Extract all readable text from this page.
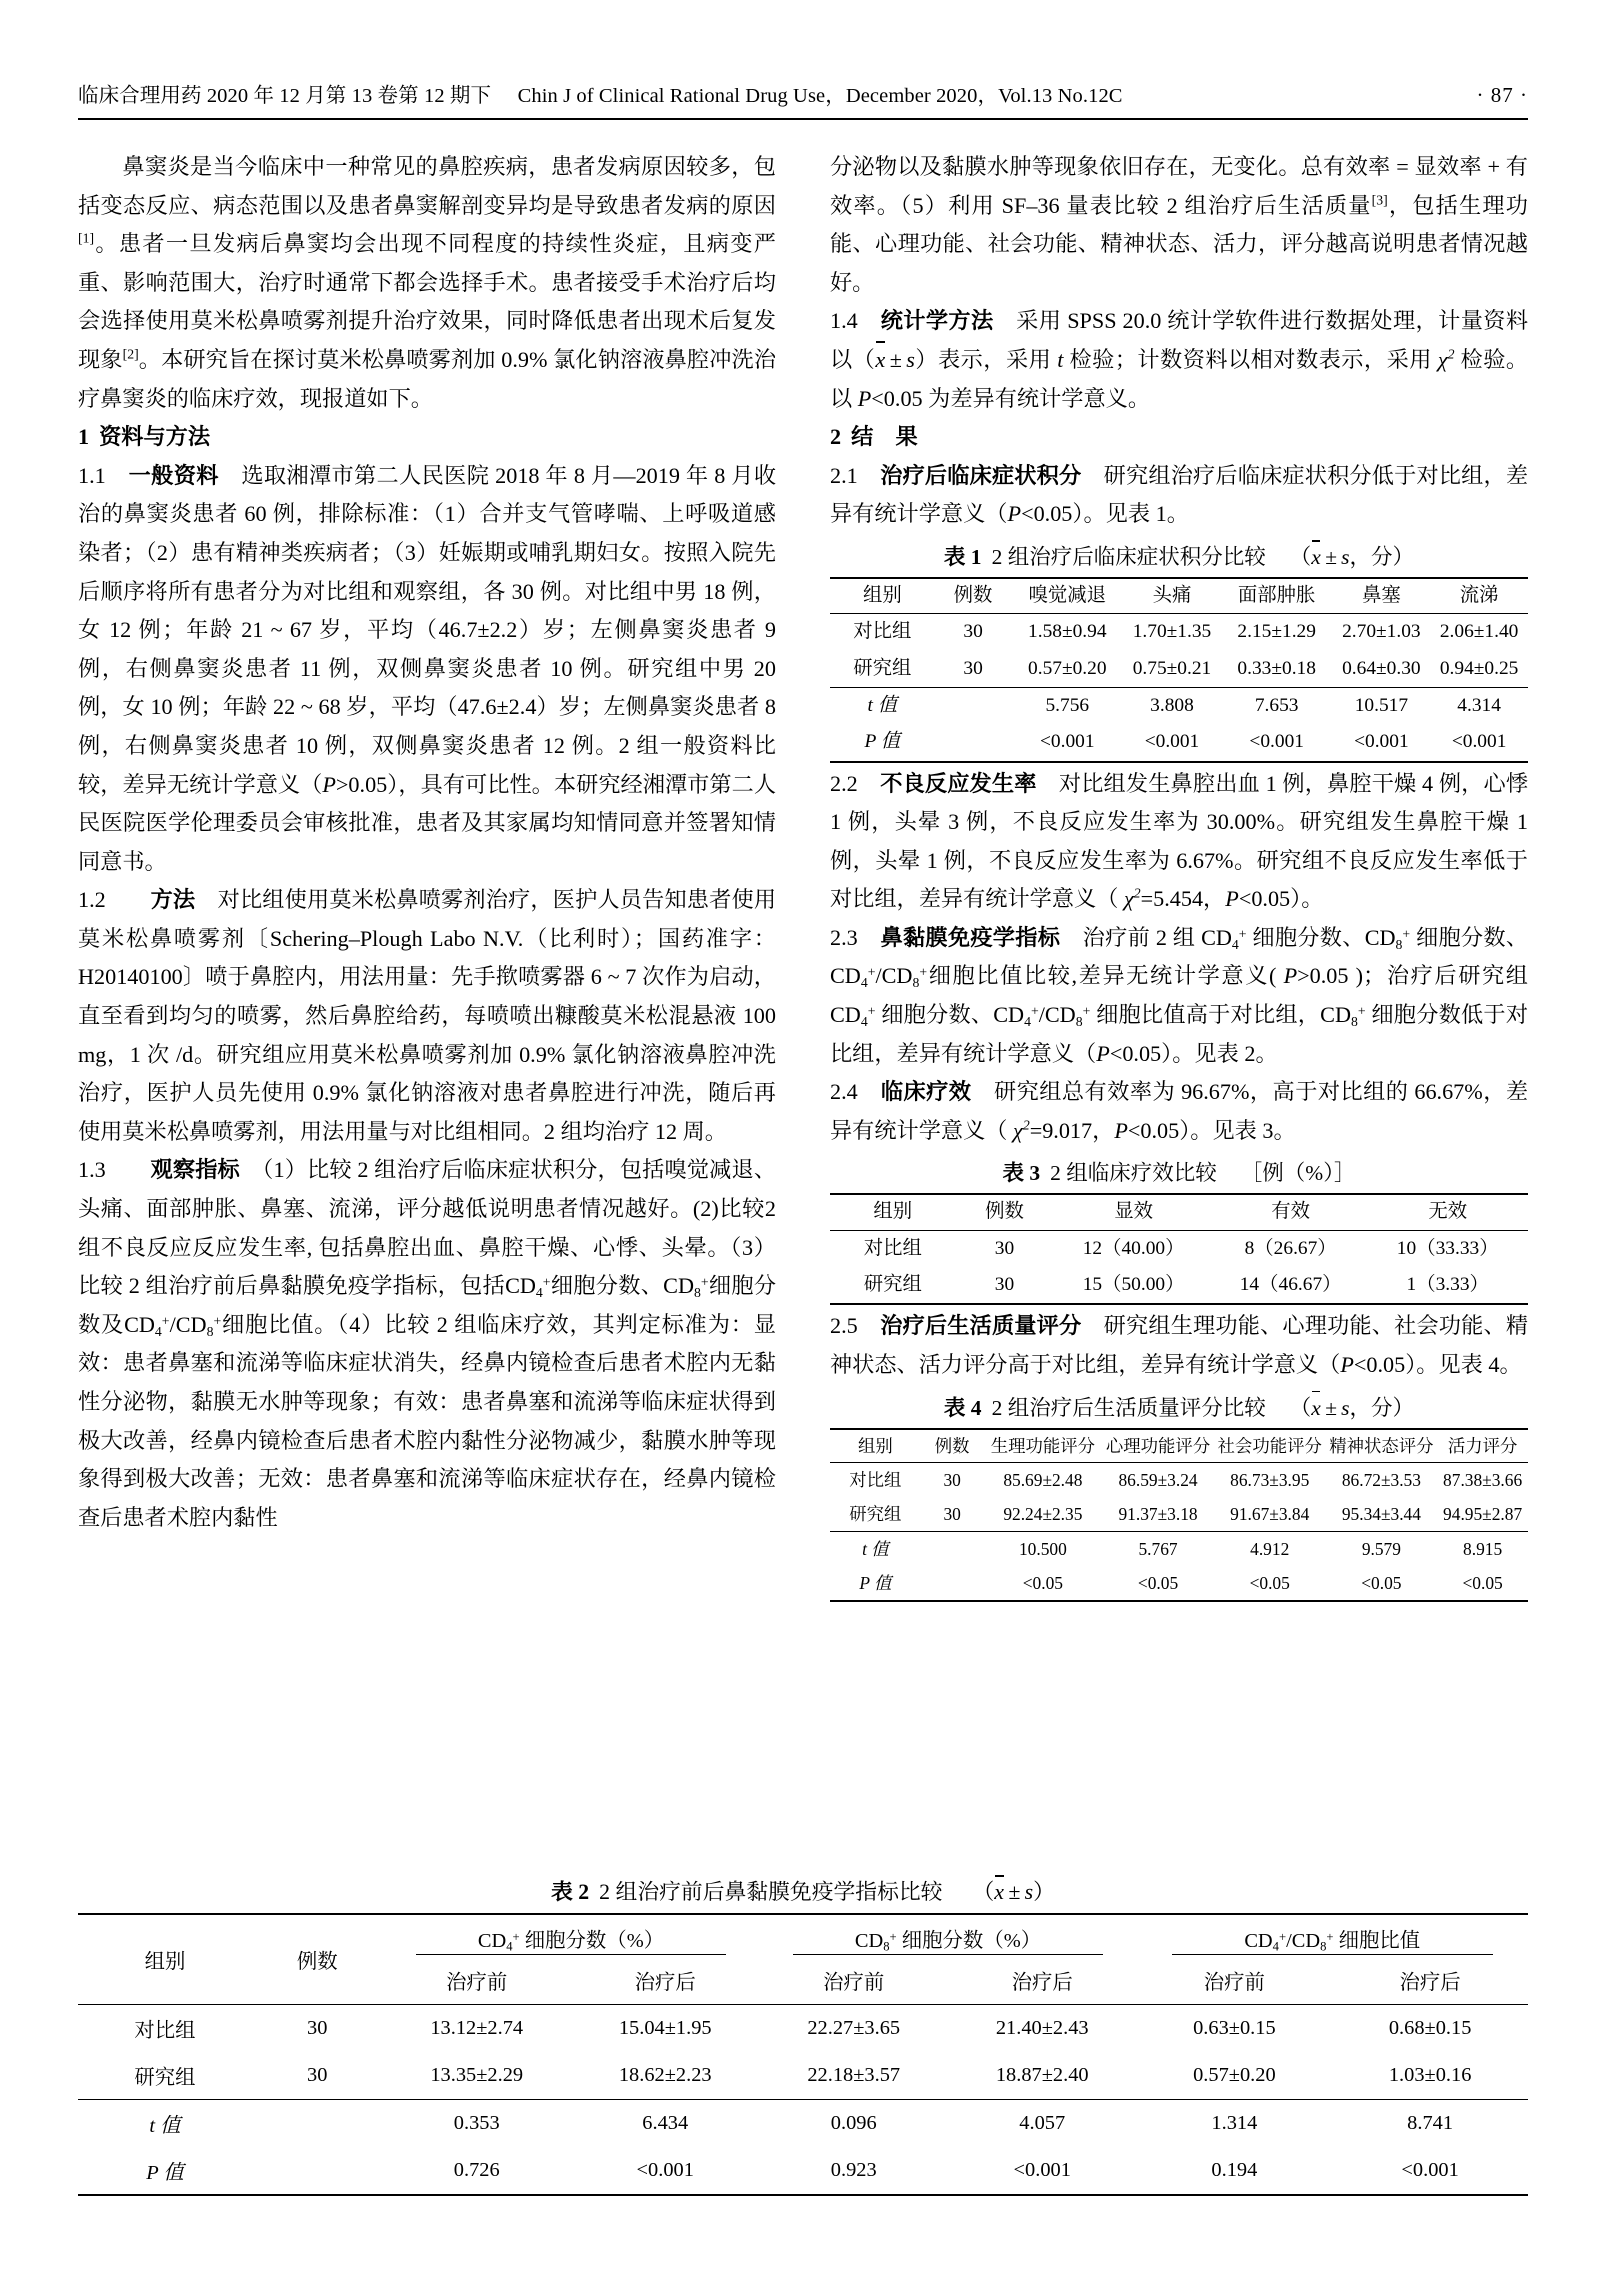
临床合理用药 2020 年 12 月第 13 卷第 12 期下 Chin J of Clinical Rational Drug Use，December 2020，Vol.13 No.12C	· 87 ·

鼻窦炎是当今临床中一种常见的鼻腔疾病，患者发病原因较多，包括变态反应、病态范围以及患者鼻窦解剖变异均是导致患者发病的原因[1]。患者一旦发病后鼻窦均会出现不同程度的持续性炎症，且病变严重、影响范围大，治疗时通常下都会选择手术。患者接受手术治疗后均会选择使用莫米松鼻喷雾剂提升治疗效果，同时降低患者出现术后复发现象[2]。本研究旨在探讨莫米松鼻喷雾剂加 0.9% 氯化钠溶液鼻腔冲洗治疗鼻窦炎的临床疗效，现报道如下。

1 资料与方法

1.1　 一般资料　 选取湘潭市第二人民医院 2018 年 8 月—2019 年 8 月收治的鼻窦炎患者 60 例，排除标准：（1）合并支气管哮喘、上呼吸道感染者；（2）患有精神类疾病者；（3）妊娠期或哺乳期妇女。按照入院先后顺序将所有患者分为对比组和观察组，各 30 例。对比组中男 18 例，女 12 例；年龄 21 ~ 67 岁，平均（46.7±2.2）岁；左侧鼻窦炎患者 9 例，右侧鼻窦炎患者 11 例，双侧鼻窦炎患者 10 例。研究组中男 20 例，女 10 例；年龄 22 ~ 68 岁，平均（47.6±2.4）岁；左侧鼻窦炎患者 8 例，右侧鼻窦炎患者 10 例，双侧鼻窦炎患者 12 例。2 组一般资料比较，差异无统计学意义（P>0.05），具有可比性。本研究经湘潭市第二人民医院医学伦理委员会审核批准，患者及其家属均知情同意并签署知情同意书。

1.2　　 方法　 对比组使用莫米松鼻喷雾剂治疗，医护人员告知患者使用莫米松鼻喷雾剂〔Schering–Plough Labo N.V.（比利时）；国药准字：H20140100〕喷于鼻腔内，用法用量：先手揿喷雾器 6 ~ 7 次作为启动，直至看到均匀的喷雾，然后鼻腔给药，每喷喷出糠酸莫米松混悬液 100 mg，1 次 /d。研究组应用莫米松鼻喷雾剂加 0.9% 氯化钠溶液鼻腔冲洗治疗，医护人员先使用 0.9% 氯化钠溶液对患者鼻腔进行冲洗，随后再使用莫米松鼻喷雾剂，用法用量与对比组相同。2 组均治疗 12 周。

1.3　　 观察指标　 （1）比较 2 组治疗后临床症状积分，包括嗅觉减退、头痛、面部肿胀、鼻塞、流涕，评分越低说明患者情况越好。(2)比较2组不良反应反应发生率, 包括鼻腔出血、鼻腔干燥、心悸、头晕。（3）比较 2 组治疗前后鼻黏膜免疫学指标，包括$CD_4^+$细胞分数、$CD_8^+$细胞分数及$CD_4^+/CD_8^+$细胞比值。（4）比较 2 组临床疗效，其判定标准为：显效：患者鼻塞和流涕等临床症状消失，经鼻内镜检查后患者术腔内无黏性分泌物，黏膜无水肿等现象；有效：患者鼻塞和流涕等临床症状得到极大改善，经鼻内镜检查后患者术腔内黏性分泌物减少，黏膜水肿等现象得到极大改善；无效：患者鼻塞和流涕等临床症状存在，经鼻内镜检查后患者术腔内黏性

分泌物以及黏膜水肿等现象依旧存在，无变化。总有效率 = 显效率 + 有效率。（5）利用 SF–36 量表比较 2 组治疗后生活质量[3]，包括生理功能、心理功能、社会功能、精神状态、活力，评分越高说明患者情况越好。

1.4　 统计学方法　 采用 SPSS 20.0 统计学软件进行数据处理，计量资料以（x ± s）表示，采用 t 检验；计数资料以相对数表示，采用 $\chi^2$ 检验。以 P<0.05 为差异有统计学意义。

2 结　果

2.1　 治疗后临床症状积分　 研究组治疗后临床症状积分低于对比组，差异有统计学意义（P<0.05）。见表 1。

表 1 2 组治疗后临床症状积分比较 （x ± s，分）
组别	例数	嗅觉减退	头痛	面部肿胀	鼻塞	流涕
对比组	30	1.58±0.94	1.70±1.35	2.15±1.29	2.70±1.03	2.06±1.40
研究组	30	0.57±0.20	0.75±0.21	0.33±0.18	0.64±0.30	0.94±0.25
t 值		5.756	3.808	7.653	10.517	4.314
P 值		<0.001	<0.001	<0.001	<0.001	<0.001

2.2　 不良反应发生率　 对比组发生鼻腔出血 1 例，鼻腔干燥 4 例，心悸 1 例，头晕 3 例，不良反应发生率为 30.00%。研究组发生鼻腔干燥 1 例，头晕 1 例，不良反应发生率为 6.67%。研究组不良反应发生率低于对比组，差异有统计学意义（ $\chi^2=5.454$，P<0.05）。

2.3　 鼻黏膜免疫学指标　 治疗前 2 组 $CD_4^+$ 细胞分数、$CD_8^+$ 细胞分数、$CD_4^+/CD_8^+$细胞比值比较,差异无统计学意义( P>0.05 )；治疗后研究组 $CD_4^+$ 细胞分数、$CD_4^+/CD_8^+$ 细胞比值高于对比组，$CD_8^+$ 细胞分数低于对比组，差异有统计学意义（P<0.05）。见表 2。

2.4　 临床疗效　 研究组总有效率为 96.67%，高于对比组的 66.67%，差异有统计学意义（ $\chi^2=9.017$，P<0.05）。见表 3。

表 3 2 组临床疗效比较 ［例（%）］
组别	例数	显效	有效	无效
对比组	30	12（40.00）	8（26.67）	10（33.33）
研究组	30	15（50.00）	14（46.67）	1（3.33）

2.5　 治疗后生活质量评分　 研究组生理功能、心理功能、社会功能、精神状态、活力评分高于对比组，差异有统计学意义（P<0.05）。见表 4。

表 4 2 组治疗后生活质量评分比较 （x ± s，分）
组别	例数	生理功能评分	心理功能评分	社会功能评分	精神状态评分	活力评分
对比组	30	85.69±2.48	86.59±3.24	86.73±3.95	86.72±3.53	87.38±3.66
研究组	30	92.24±2.35	91.37±3.18	91.67±3.84	95.34±3.44	94.95±2.87
t 值		10.500	5.767	4.912	9.579	8.915
P 值		<0.05	<0.05	<0.05	<0.05	<0.05
表 2 2 组治疗前后鼻黏膜免疫学指标比较 （x ± s）
组别	例数	$CD_4^+$ 细胞分数（%）		$CD_8^+$ 细胞分数（%）		$CD_4^+/CD_8^+$ 细胞比值	
		治疗前	治疗后	治疗前	治疗后	治疗前	治疗后
对比组	30	13.12±2.74	15.04±1.95	22.27±3.65	21.40±2.43	0.63±0.15	0.68±0.15
研究组	30	13.35±2.29	18.62±2.23	22.18±3.57	18.87±2.40	0.57±0.20	1.03±0.16
t 值		0.353	6.434	0.096	4.057	1.314	8.741
P 值		0.726	<0.001	0.923	<0.001	0.194	<0.001
